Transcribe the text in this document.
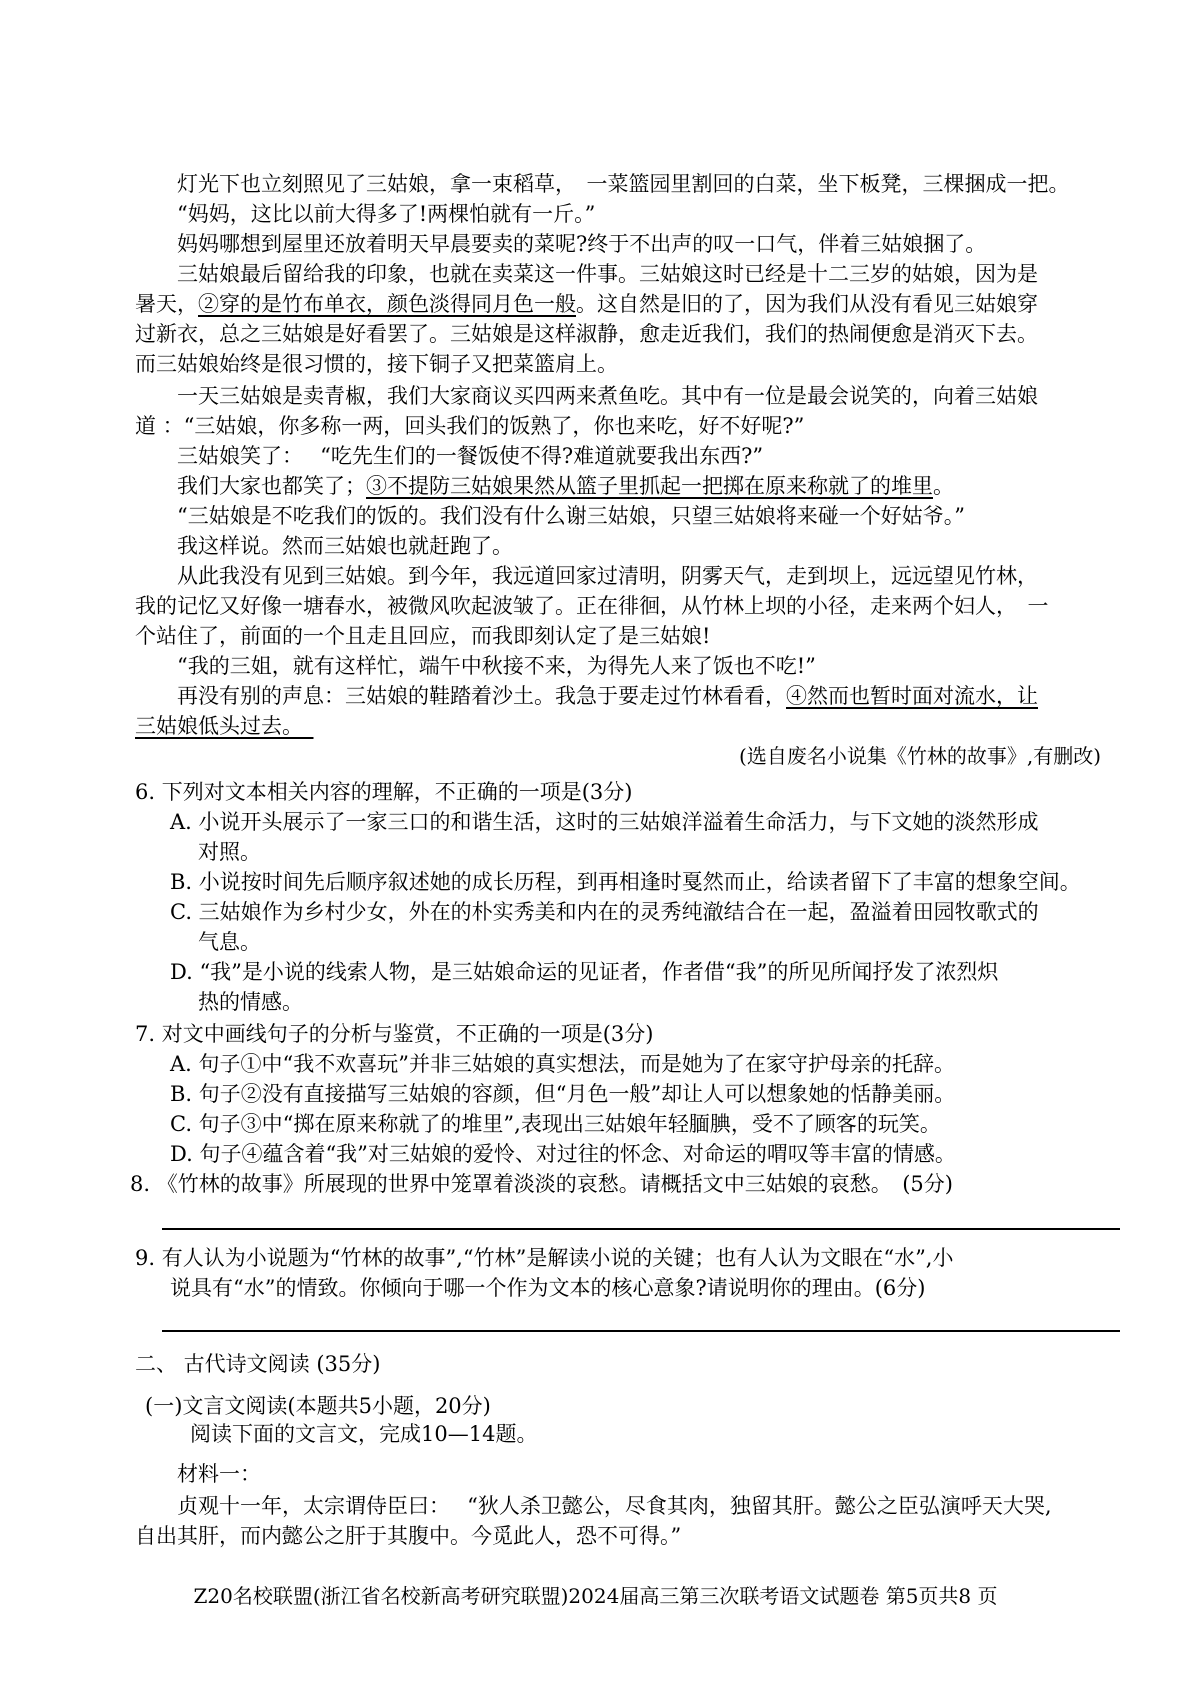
灯光下也立刻照见了三姑娘，拿一束稻草，　一菜篮园里割回的白菜，坐下板凳，三棵捆成一把。
“妈妈，这比以前大得多了!两棵怕就有一斤。”
妈妈哪想到屋里还放着明天早晨要卖的菜呢?终于不出声的叹一口气，伴着三姑娘捆了。
三姑娘最后留给我的印象，也就在卖菜这一件事。三姑娘这时已经是十二三岁的姑娘，因为是
暑天，②穿的是竹布单衣，颜色淡得同月色一般。这自然是旧的了，因为我们从没有看见三姑娘穿
过新衣，总之三姑娘是好看罢了。三姑娘是这样淑静，愈走近我们，我们的热闹便愈是消灭下去。
而三姑娘始终是很习惯的，接下铜子又把菜篮肩上。
一天三姑娘是卖青椒，我们大家商议买四两来煮鱼吃。其中有一位是最会说笑的，向着三姑娘
道 ：“三姑娘，你多称一两，回头我们的饭熟了，你也来吃，好不好呢?”
三姑娘笑了：　 “吃先生们的一餐饭使不得?难道就要我出东西?”
我们大家也都笑了；③不提防三姑娘果然从篮子里抓起一把掷在原来称就了的堆里。
“三姑娘是不吃我们的饭的。我们没有什么谢三姑娘，只望三姑娘将来碰一个好姑爷。”
我这样说。然而三姑娘也就赶跑了。
从此我没有见到三姑娘。到今年，我远道回家过清明，阴雾天气，走到坝上，远远望见竹林，
我的记忆又好像一塘春水，被微风吹起波皱了。正在徘徊，从竹林上坝的小径，走来两个妇人，　一
个站住了，前面的一个且走且回应，而我即刻认定了是三姑娘!
“我的三姐，就有这样忙，端午中秋接不来，为得先人来了饭也不吃!”
再没有别的声息：三姑娘的鞋踏着沙土。我急于要走过竹林看看，④然而也暂时面对流水，让
三姑娘低头过去。　
(选自废名小说集《竹林的故事》,有删改)
6. 下列对文本相关内容的理解，不正确的一项是(3分)
A. 小说开头展示了一家三口的和谐生活，这时的三姑娘洋溢着生命活力，与下文她的淡然形成
对照。
B. 小说按时间先后顺序叙述她的成长历程，到再相逢时戛然而止，给读者留下了丰富的想象空间。
C. 三姑娘作为乡村少女，外在的朴实秀美和内在的灵秀纯澈结合在一起，盈溢着田园牧歌式的
气息。
D. “我”是小说的线索人物，是三姑娘命运的见证者，作者借“我”的所见所闻抒发了浓烈炽
热的情感。
7. 对文中画线句子的分析与鉴赏，不正确的一项是(3分)
A. 句子①中“我不欢喜玩”并非三姑娘的真实想法，而是她为了在家守护母亲的托辞。
B. 句子②没有直接描写三姑娘的容颜，但“月色一般”却让人可以想象她的恬静美丽。
C. 句子③中“掷在原来称就了的堆里”,表现出三姑娘年轻腼腆，受不了顾客的玩笑。
D. 句子④蕴含着“我”对三姑娘的爱怜、对过往的怀念、对命运的喟叹等丰富的情感。
8. 《竹林的故事》所展现的世界中笼罩着淡淡的哀愁。请概括文中三姑娘的哀愁。　(5分)
9. 有人认为小说题为“竹林的故事”,“竹林”是解读小说的关键；也有人认为文眼在“水”,小
说具有“水”的情致。你倾向于哪一个作为文本的核心意象?请说明你的理由。(6分)
二、 古代诗文阅读 (35分)
(一)文言文阅读(本题共5小题，20分)
阅读下面的文言文，完成10—14题。
材料一：
贞观十一年，太宗谓侍臣曰：　 “狄人杀卫懿公，尽食其肉，独留其肝。懿公之臣弘演呼天大哭,
自出其肝，而内懿公之肝于其腹中。今觅此人，恐不可得。”
Z20名校联盟(浙江省名校新高考研究联盟)2024届高三第三次联考语文试题卷 第5页共8 页
